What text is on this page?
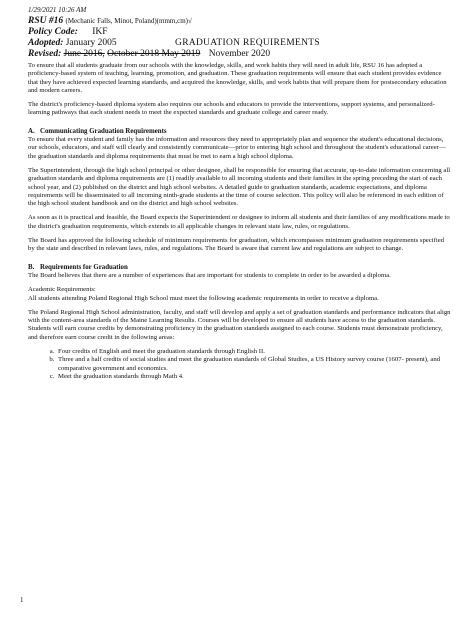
1/29/2021 10:26 AM
RSU #16 (Mechanic Falls, Minot, Poland)(mmm,cm)√
Policy Code: IKF
Adopted: January 2005	GRADUATION REQUIREMENTS
Revised: June 2016, October 2018 May 2019 November 2020

To ensure that all students graduate from our schools with the knowledge, skills, and work habits they will need in adult life, RSU 16 has adopted a proficiency-based system of teaching, learning, promotion, and graduation. These graduation requirements will ensure that each student provides evidence that they have achieved expected learning standards, and acquired the knowledge, skills, and work habits that will prepare them for postsecondary education and modern careers.

The district's proficiency-based diploma system also requires our schools and educators to provide the interventions, support systems, and personalized-learning pathways that each student needs to meet the expected standards and graduate college and career ready.

A. Communicating Graduation Requirements

To ensure that every student and family has the information and resources they need to appropriately plan and sequence the student's educational decisions, our schools, educators, and staff will clearly and consistently communicate—prior to entering high school and throughout the student's educational career—the graduation standards and diploma requirements that must be met to earn a high school diploma.

The Superintendent, through the high school principal or other designee, shall be responsible for ensuring that accurate, up-to-date information concerning all graduation standards and diploma requirements are (1) readily available to all incoming students and their families in the spring preceding the start of each school year, and (2) published on the district and high school websites. A detailed guide to graduation standards, academic expectations, and diploma requirements will be disseminated to all incoming ninth-grade students at the time of course selection. This policy will also be referenced in each edition of the high school student handbook and on the district and high school websites.

As soon as it is practical and feasible, the Board expects the Superintendent or designee to inform all students and their families of any modifications made to the district's graduation requirements, which extends to all applicable changes in relevant state law, rules, or regulations.

The Board has approved the following schedule of minimum requirements for graduation, which encompasses minimum graduation requirements specified by the state and described in relevant laws, rules, and regulations. The Board is aware that current law and regulations are subject to change.

B. Requirements for Graduation

The Board believes that there are a number of experiences that are important for students to complete in order to be awarded a diploma.

Academic Requirements:
All students attending Poland Regional High School must meet the following academic requirements in order to receive a diploma.

The Poland Regional High School administration, faculty, and staff will develop and apply a set of graduation standards and performance indicators that align with the content-area standards of the Maine Learning Results. Courses will be developed to ensure all students have access to the graduation standards. Students will earn course credits by demonstrating proficiency in the graduation standards assigned to each course. Students must demonstrate proficiency, and therefore earn course credit in the following areas:

a. Four credits of English and meet the graduation standards through English II.
b. Three and a half credits of social studies and meet the graduation standards of Global Studies, a US History survey course (1607- present), and comparative government and economics.
c. Meet the graduation standards through Math 4.
1
